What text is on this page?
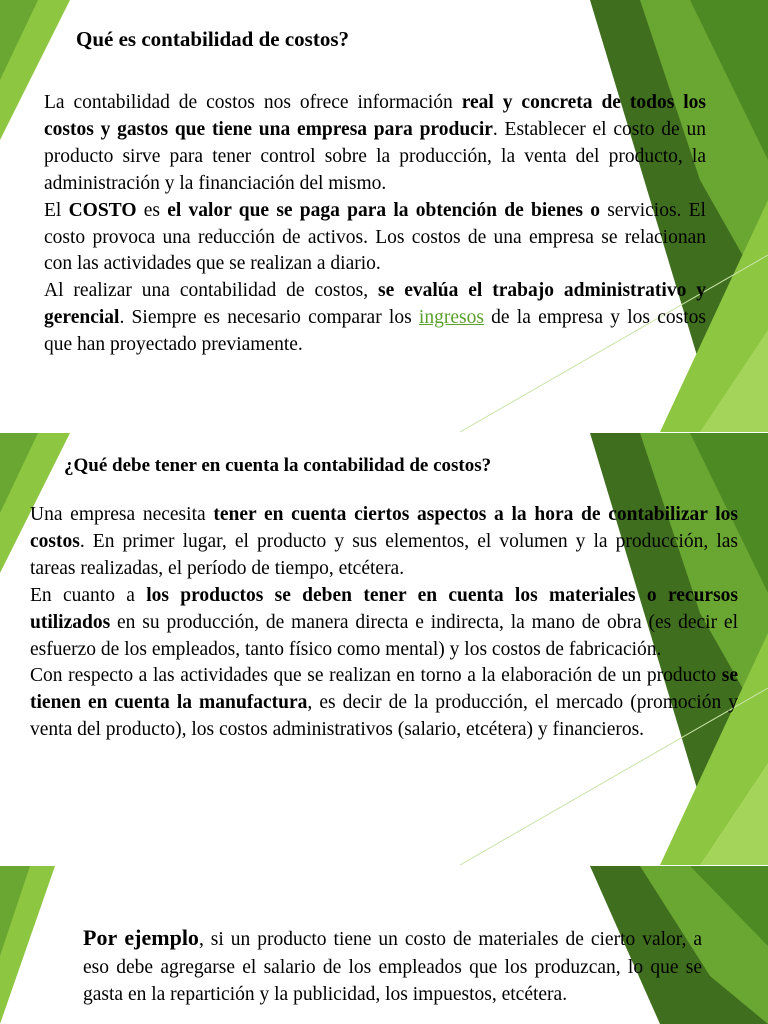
Qué es contabilidad de costos?

La contabilidad de costos nos ofrece información real y concreta de todos los costos y gastos que tiene una empresa para producir. Establecer el costo de un producto sirve para tener control sobre la producción, la venta del producto, la administración y la financiación del mismo.

El COSTO es el valor que se paga para la obtención de bienes o servicios. El costo provoca una reducción de activos. Los costos de una empresa se relacionan con las actividades que se realizan a diario.

Al realizar una contabilidad de costos, se evalúa el trabajo administrativo y gerencial. Siempre es necesario comparar los ingresos de la empresa y los costos que han proyectado previamente.

¿Qué debe tener en cuenta la contabilidad de costos?

Una empresa necesita tener en cuenta ciertos aspectos a la hora de contabilizar los costos. En primer lugar, el producto y sus elementos, el volumen y la producción, las tareas realizadas, el período de tiempo, etcétera.

En cuanto a los productos se deben tener en cuenta los materiales o recursos utilizados en su producción, de manera directa e indirecta, la mano de obra (es decir el esfuerzo de los empleados, tanto físico como mental) y los costos de fabricación.

Con respecto a las actividades que se realizan en torno a la elaboración de un producto se tienen en cuenta la manufactura, es decir de la producción, el mercado (promoción y venta del producto), los costos administrativos (salario, etcétera) y financieros.

Por ejemplo, si un producto tiene un costo de materiales de cierto valor, a eso debe agregarse el salario de los empleados que los produzcan, lo que se gasta en la repartición y la publicidad, los impuestos, etcétera.
